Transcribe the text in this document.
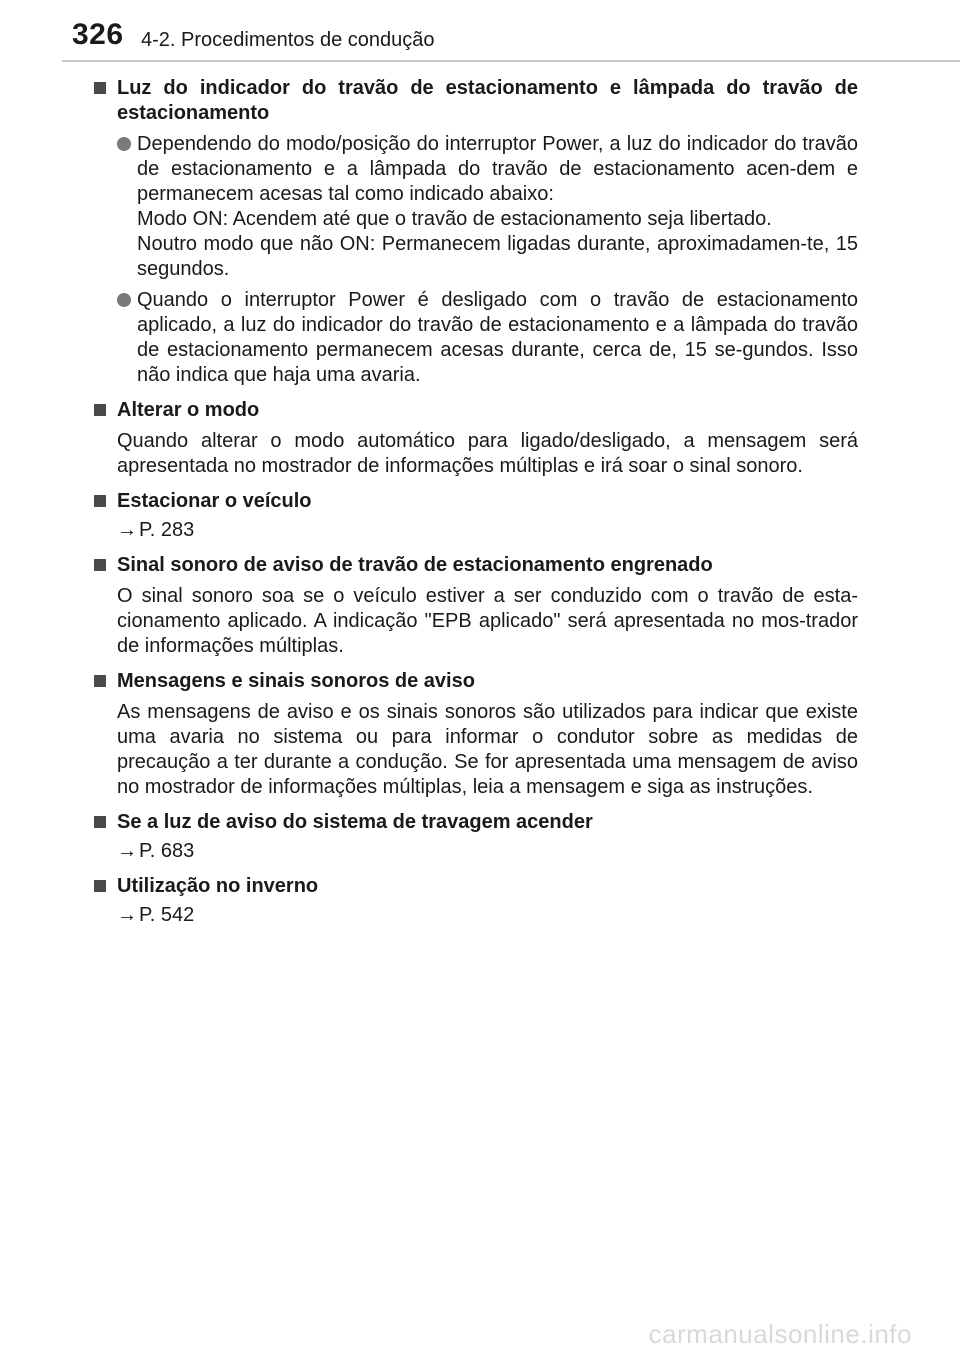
326 4-2. Procedimentos de condução

Luz do indicador do travão de estacionamento e lâmpada do travão de estacionamento

Dependendo do modo/posição do interruptor Power, a luz do indicador do travão de estacionamento e a lâmpada do travão de estacionamento acen-dem e permanecem acesas tal como indicado abaixo:

Modo ON: Acendem até que o travão de estacionamento seja libertado.

Noutro modo que não ON: Permanecem ligadas durante, aproximadamen-te, 15 segundos.

Quando o interruptor Power é desligado com o travão de estacionamento aplicado, a luz do indicador do travão de estacionamento e a lâmpada do travão de estacionamento permanecem acesas durante, cerca de, 15 se-gundos. Isso não indica que haja uma avaria.

Alterar o modo

Quando alterar o modo automático para ligado/desligado, a mensagem será apresentada no mostrador de informações múltiplas e irá soar o sinal sonoro.

Estacionar o veículo

→ P. 283

Sinal sonoro de aviso de travão de estacionamento engrenado

O sinal sonoro soa se o veículo estiver a ser conduzido com o travão de esta-cionamento aplicado. A indicação "EPB aplicado" será apresentada no mos-trador de informações múltiplas.

Mensagens e sinais sonoros de aviso

As mensagens de aviso e os sinais sonoros são utilizados para indicar que existe uma avaria no sistema ou para informar o condutor sobre as medidas de precaução a ter durante a condução. Se for apresentada uma mensagem de aviso no mostrador de informações múltiplas, leia a mensagem e siga as instruções.

Se a luz de aviso do sistema de travagem acender

→ P. 683

Utilização no inverno

→ P. 542

carmanualsonline.info
